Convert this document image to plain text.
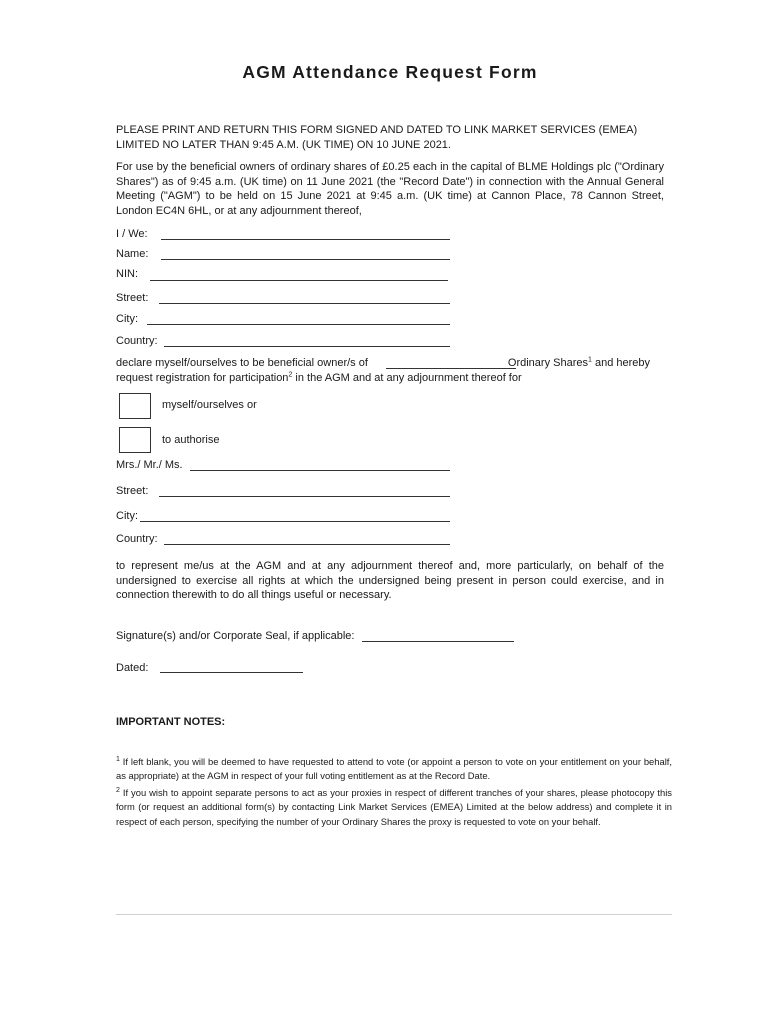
AGM Attendance Request Form
PLEASE PRINT AND RETURN THIS FORM SIGNED AND DATED TO LINK MARKET SERVICES (EMEA) LIMITED NO LATER THAN 9:45 A.M. (UK TIME) ON 10 JUNE 2021.
For use by the beneficial owners of ordinary shares of £0.25 each in the capital of BLME Holdings plc ("Ordinary Shares") as of 9:45 a.m. (UK time) on 11 June 2021 (the "Record Date") in connection with the Annual General Meeting ("AGM") to be held on 15 June 2021 at 9:45 a.m. (UK time) at Cannon Place, 78 Cannon Street, London EC4N 6HL, or at any adjournment thereof,
I / We:
Name:
NIN:
Street:
City:
Country:
declare myself/ourselves to be beneficial owner/s of	Ordinary Shares$^1$ and hereby request registration for participation$^2$ in the AGM and at any adjournment thereof for
myself/ourselves or
to authorise
Mrs./ Mr./ Ms.
Street:
City:
Country:
to represent me/us at the AGM and at any adjournment thereof and, more particularly, on behalf of the undersigned to exercise all rights at which the undersigned being present in person could exercise, and in connection therewith to do all things useful or necessary.
Signature(s) and/or Corporate Seal, if applicable:
Dated:
IMPORTANT NOTES:
$^1$ If left blank, you will be deemed to have requested to attend to vote (or appoint a person to vote on your entitlement on your behalf, as appropriate) at the AGM in respect of your full voting entitlement as at the Record Date.
$^2$ If you wish to appoint separate persons to act as your proxies in respect of different tranches of your shares, please photocopy this form (or request an additional form(s) by contacting Link Market Services (EMEA) Limited at the below address) and complete it in respect of each person, specifying the number of your Ordinary Shares the proxy is requested to vote on your behalf.
